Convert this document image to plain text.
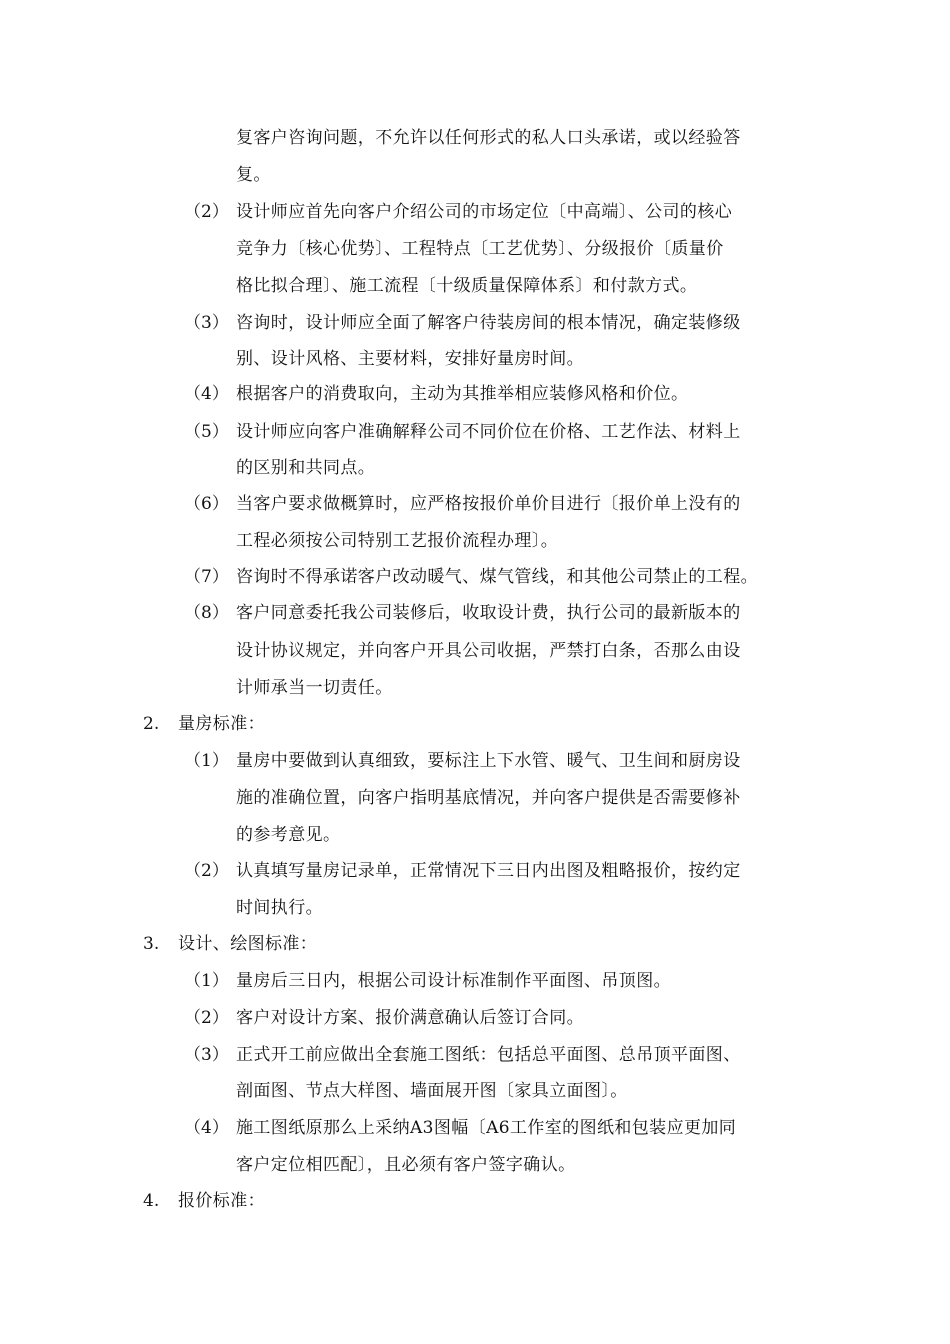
复客户咨询问题，不允许以任何形式的私人口头承诺，或以经验答
复。
（2） 设计师应首先向客户介绍公司的市场定位〔中高端〕、公司的核心
竞争力〔核心优势〕、工程特点〔工艺优势〕、分级报价〔质量价
格比拟合理〕、施工流程〔十级质量保障体系〕和付款方式。
（3） 咨询时，设计师应全面了解客户待装房间的根本情况，确定装修级
别、设计风格、主要材料，安排好量房时间。
（4） 根据客户的消费取向，主动为其推举相应装修风格和价位。
（5） 设计师应向客户准确解释公司不同价位在价格、工艺作法、材料上
的区别和共同点。
（6） 当客户要求做概算时，应严格按报价单价目进行〔报价单上没有的
工程必须按公司特别工艺报价流程办理〕。
（7） 咨询时不得承诺客户改动暖气、煤气管线，和其他公司禁止的工程。
（8） 客户同意委托我公司装修后，收取设计费，执行公司的最新版本的
设计协议规定，并向客户开具公司收据，严禁打白条，否那么由设
计师承当一切责任。
2. 量房标准：
（1） 量房中要做到认真细致，要标注上下水管、暖气、卫生间和厨房设
施的准确位置，向客户指明基底情况，并向客户提供是否需要修补
的参考意见。
（2） 认真填写量房记录单，正常情况下三日内出图及粗略报价，按约定
时间执行。
3. 设计、绘图标准：
（1） 量房后三日内，根据公司设计标准制作平面图、吊顶图。
（2） 客户对设计方案、报价满意确认后签订合同。
（3） 正式开工前应做出全套施工图纸：包括总平面图、总吊顶平面图、
剖面图、节点大样图、墙面展开图〔家具立面图〕。
（4） 施工图纸原那么上采纳A3图幅〔A6工作室的图纸和包装应更加同
客户定位相匹配〕，且必须有客户签字确认。
4. 报价标准：
